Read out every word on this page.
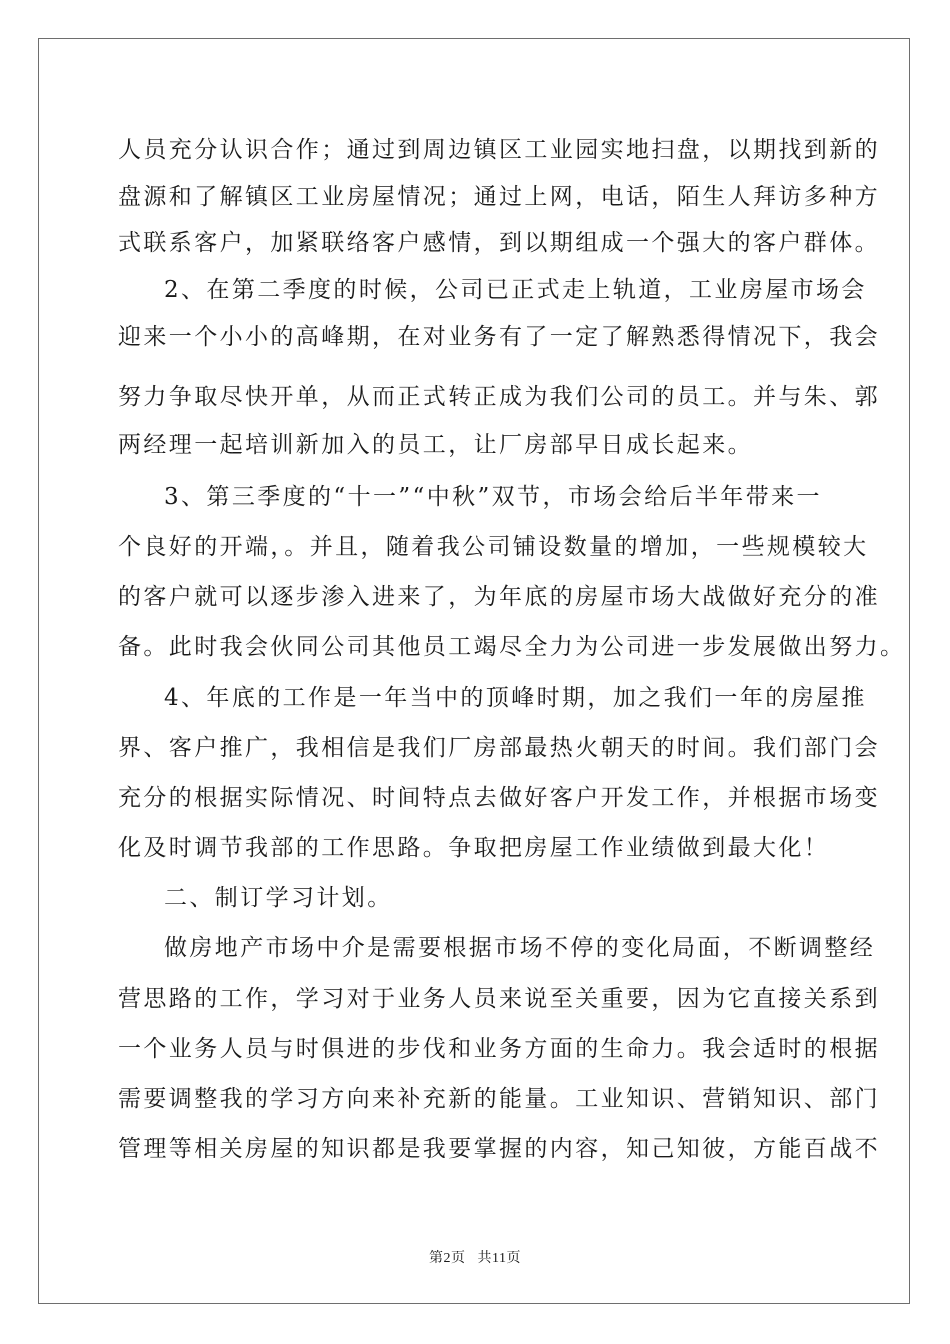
人员充分认识合作；通过到周边镇区工业园实地扫盘，以期找到新的
盘源和了解镇区工业房屋情况；通过上网，电话，陌生人拜访多种方
式联系客户，加紧联络客户感情，到以期组成一个强大的客户群体。
2、在第二季度的时候，公司已正式走上轨道，工业房屋市场会
迎来一个小小的高峰期，在对业务有了一定了解熟悉得情况下，我会
努力争取尽快开单，从而正式转正成为我们公司的员工。并与朱、郭
两经理一起培训新加入的员工，让厂房部早日成长起来。
3、第三季度的“十一”“中秋”双节，市场会给后半年带来一
个良好的开端，。并且，随着我公司铺设数量的增加，一些规模较大
的客户就可以逐步渗入进来了，为年底的房屋市场大战做好充分的准
备。此时我会伙同公司其他员工竭尽全力为公司进一步发展做出努力。
4、年底的工作是一年当中的顶峰时期，加之我们一年的房屋推
界、客户推广，我相信是我们厂房部最热火朝天的时间。我们部门会
充分的根据实际情况、时间特点去做好客户开发工作，并根据市场变
化及时调节我部的工作思路。争取把房屋工作业绩做到最大化！
二、制订学习计划。
做房地产市场中介是需要根据市场不停的变化局面，不断调整经
营思路的工作，学习对于业务人员来说至关重要，因为它直接关系到
一个业务人员与时俱进的步伐和业务方面的生命力。我会适时的根据
需要调整我的学习方向来补充新的能量。工业知识、营销知识、部门
管理等相关房屋的知识都是我要掌握的内容，知己知彼，方能百战不
第2页 共11页
